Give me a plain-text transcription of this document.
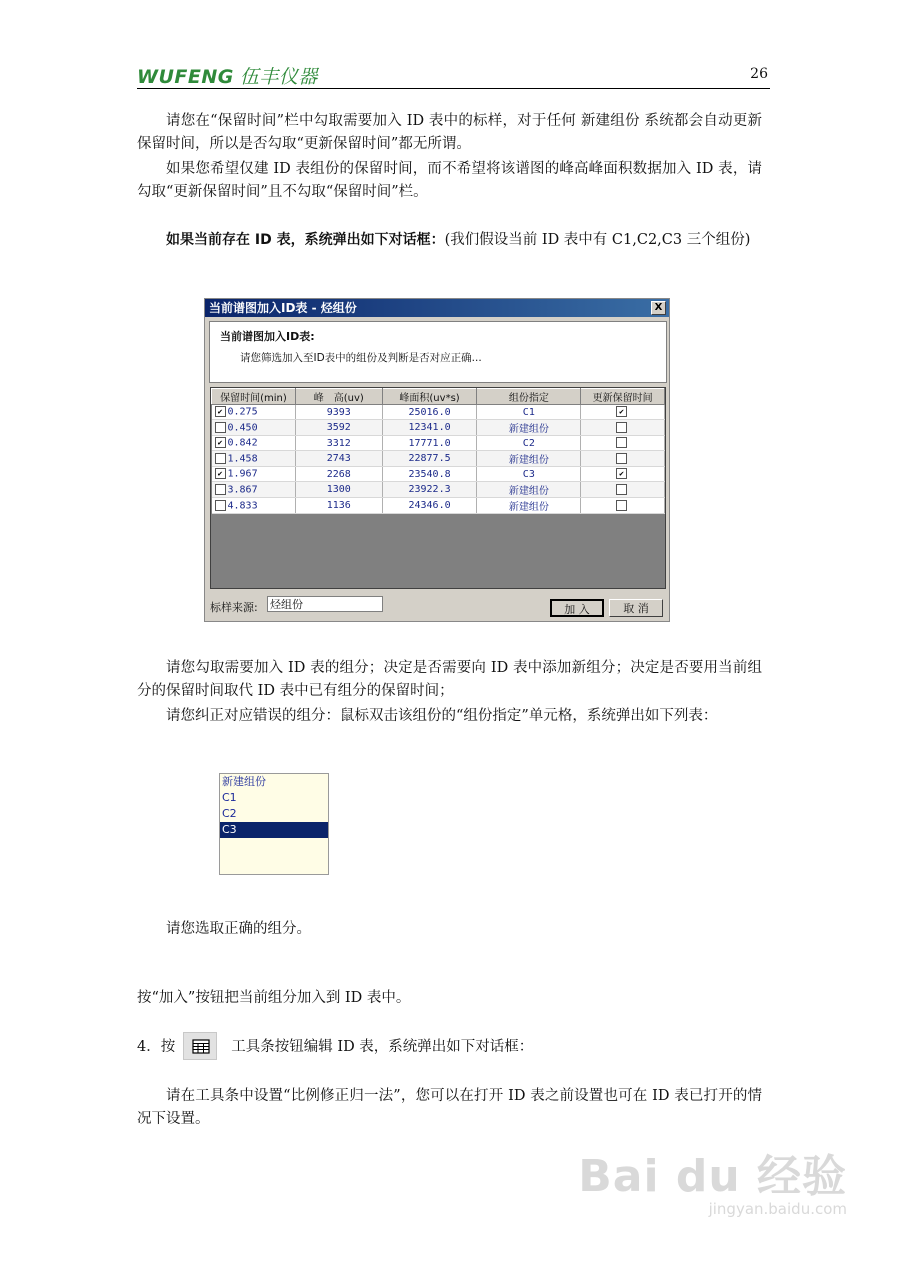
WUFENG 伍丰仪器	26
请您在“保留时间”栏中勾取需要加入 ID 表中的标样，对于任何 新建组份 系统都会自动更新保留时间，所以是否勾取“更新保留时间”都无所谓。
如果您希望仅建 ID 表组份的保留时间，而不希望将该谱图的峰高峰面积数据加入 ID 表，请勾取“更新保留时间”且不勾取“保留时间”栏。
如果当前存在 ID 表，系统弹出如下对话框：(我们假设当前 ID 表中有 C1,C2,C3 三个组份)
当前谱图加入ID表 - 烃组份	X
当前谱图加入ID表:
请您筛选加入至ID表中的组份及判断是否对应正确...
保留时间(min)	峰　高(uv)	峰面积(uv*s)	组份指定	更新保留时间
✔ 0.275	9393	25016.0	C1	✔
0.450	3592	12341.0	新建组份	
✔ 0.842	3312	17771.0	C2	
1.458	2743	22877.5	新建组份	
✔ 1.967	2268	23540.8	C3	✔
3.867	1300	23922.3	新建组份	
4.833	1136	24346.0	新建组份	
标样来源: 烃组份	加 入	取 消
请您勾取需要加入 ID 表的组分；决定是否需要向 ID 表中添加新组分；决定是否要用当前组分的保留时间取代 ID 表中已有组分的保留时间；
请您纠正对应错误的组分：鼠标双击该组份的“组份指定”单元格，系统弹出如下列表：
新建组份
C1
C2
C3
请您选取正确的组分。
按“加入”按钮把当前组分加入到 ID 表中。
4．按	工具条按钮编辑 ID 表，系统弹出如下对话框：
请在工具条中设置“比例修正归一法”，您可以在打开 ID 表之前设置也可在 ID 表已打开的情况下设置。
Bai du 经验
jingyan.baidu.com
